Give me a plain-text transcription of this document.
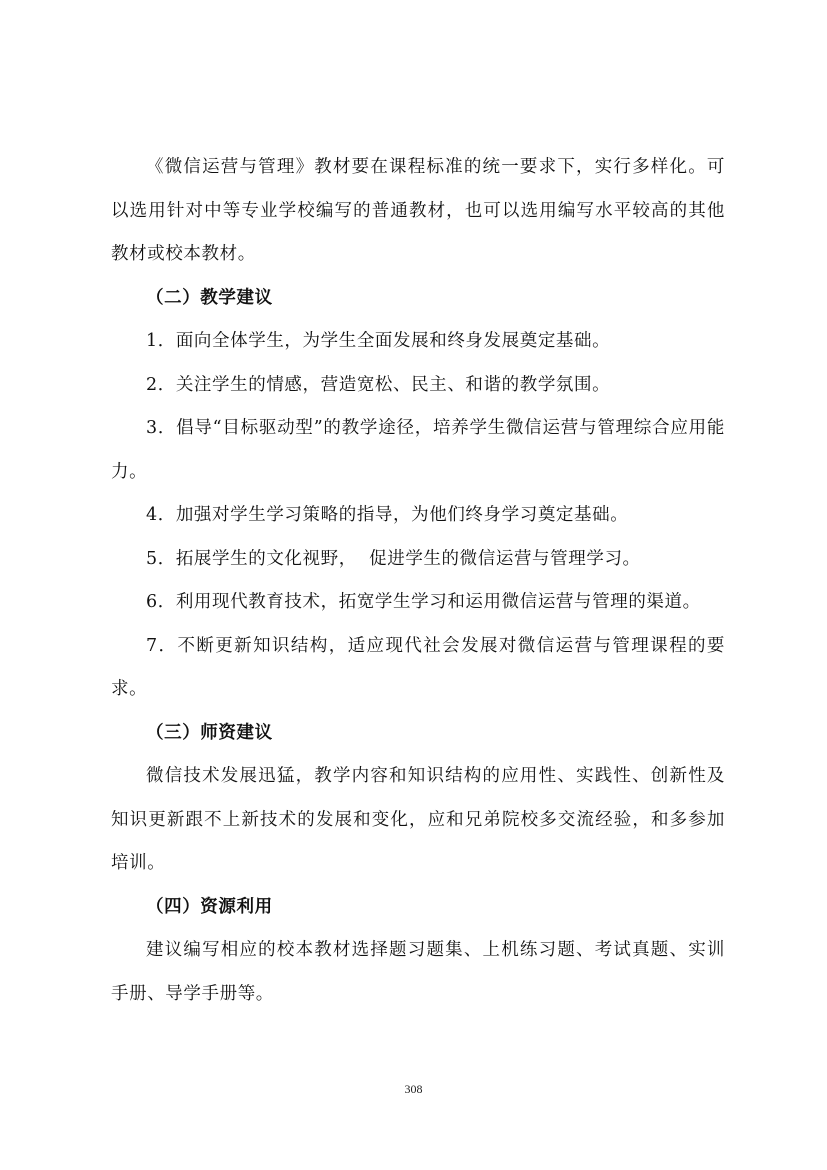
《微信运营与管理》教材要在课程标准的统一要求下，实行多样化。可以选用针对中等专业学校编写的普通教材，也可以选用编写水平较高的其他教材或校本教材。

（二）教学建议

1．面向全体学生，为学生全面发展和终身发展奠定基础。

2．关注学生的情感，营造宽松、民主、和谐的教学氛围。

3．倡导“目标驱动型”的教学途径，培养学生微信运营与管理综合应用能力。

4．加强对学生学习策略的指导，为他们终身学习奠定基础。

5．拓展学生的文化视野，  促进学生的微信运营与管理学习。

6．利用现代教育技术，拓宽学生学习和运用微信运营与管理的渠道。

7．不断更新知识结构，适应现代社会发展对微信运营与管理课程的要求。

（三）师资建议

微信技术发展迅猛，教学内容和知识结构的应用性、实践性、创新性及知识更新跟不上新技术的发展和变化，应和兄弟院校多交流经验，和多参加培训。

（四）资源利用

建议编写相应的校本教材选择题习题集、上机练习题、考试真题、实训手册、导学手册等。

308
